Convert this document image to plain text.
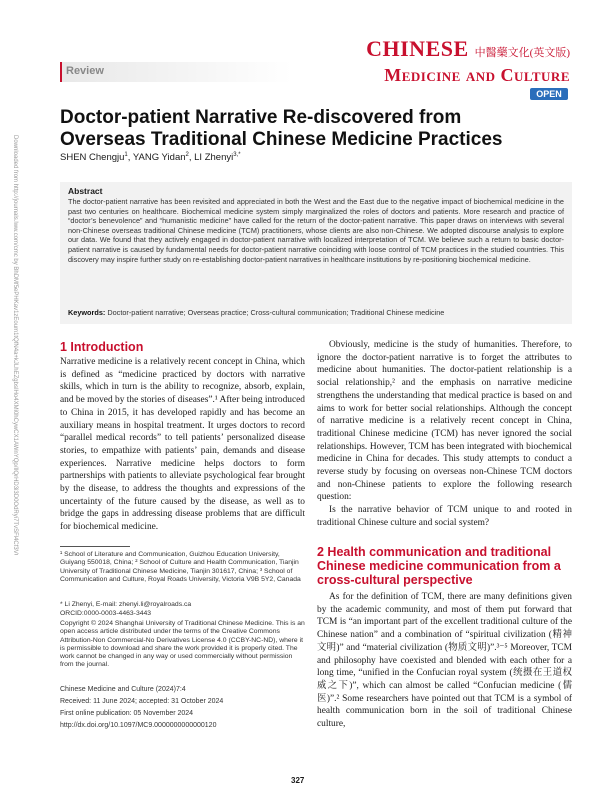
Review
CHINESE 中醫藥文化(英文版)
Medicine and Culture
OPEN
Downloaded from http://journals.lww.com/cmc by BhDMf5ePHKav1zEoum1tQfN4a+kJLhEZgbsIHo4XMi0hCywCX1AWnYQp/IlQrHD3i3D0OdRyi7TvSFl4Cf3VC4/OAVpDDa8K2+Ya6H515kE= on 05/12/2025
Doctor-patient Narrative Re-discovered from Overseas Traditional Chinese Medicine Practices
SHEN Chengju$^1$, YANG Yidan$^2$, LI Zhenyi$^{3,*}$
Abstract
The doctor-patient narrative has been revisited and appreciated in both the West and the East due to the negative impact of biochemical medicine in the past two centuries on healthcare. Biochemical medicine system simply marginalized the roles of doctors and patients. More research and practice of “doctor’s benevolence” and “humanistic medicine” have called for the return of the doctor-patient narrative. This paper draws on interviews with several non-Chinese overseas traditional Chinese medicine (TCM) practitioners, whose clients are also non-Chinese. We adopted discourse analysis to explore our data. We found that they actively engaged in doctor-patient narrative with localized interpretation of TCM. We believe such a return to basic doctor-patient narrative is caused by fundamental needs for doctor-patient narrative coinciding with loose control of TCM practices in the studied countries. This discovery may inspire further study on re-establishing doctor-patient narratives in healthcare institutions by re-positioning biochemical medicine.
Keywords: Doctor-patient narrative; Overseas practice; Cross-cultural communication; Traditional Chinese medicine
1 Introduction
Narrative medicine is a relatively recent concept in China, which is defined as “medicine practiced by doctors with narrative skills, which in turn is the ability to recognize, absorb, explain, and be moved by the stories of diseases”.¹ After being introduced to China in 2015, it has developed rapidly and has become an auxiliary means in hospital treatment. It urges doctors to record “parallel medical records” to tell patients’ personalized disease stories, to empathize with patients’ pain, demands and disease experiences. Narrative medicine helps doctors to form partnerships with patients to alleviate psychological fear brought by the disease, to address the thoughts and expressions of the uncertainty of the future caused by the disease, as well as to bridge the gaps in addressing disease problems that are difficult for biochemical medicine.
¹ School of Literature and Communication, Guizhou Education University, Guiyang 550018, China; ² School of Culture and Health Communication, Tianjin University of Traditional Chinese Medicine, Tianjin 301617, China; ³ School of Communication and Culture, Royal Roads University, Victoria V9B 5Y2, Canada
* Li Zhenyi, E-mail: zhenyi.li@royalroads.ca
ORCID:0000-0003-4463-3443
Copyright © 2024 Shanghai University of Traditional Chinese Medicine. This is an open access article distributed under the terms of the Creative Commons Attribution-Non Commercial-No Derivatives License 4.0 (CCBY-NC-ND), where it is permissible to download and share the work provided it is properly cited. The work cannot be changed in any way or used commercially without permission from the journal.
Chinese Medicine and Culture (2024)7:4
Received: 11 June 2024; accepted: 31 October 2024
First online publication: 05 November 2024
http://dx.doi.org/10.1097/MC9.0000000000000120
Obviously, medicine is the study of humanities. Therefore, to ignore the doctor-patient narrative is to forget the attributes to medicine about humanities. The doctor-patient relationship is a social relationship,² and the emphasis on narrative medicine strengthens the understanding that medical practice is based on and aims to work for better social relationships. Although the concept of narrative medicine is a relatively recent concept in China, traditional Chinese medicine (TCM) has never ignored the social relationships. However, TCM has been integrated with biochemical medicine in China for decades. This study attempts to conduct a reverse study by focusing on overseas non-Chinese TCM doctors and non-Chinese patients to explore the following research question:
Is the narrative behavior of TCM unique to and rooted in traditional Chinese culture and social system?
2 Health communication and traditional Chinese medicine communication from a cross-cultural perspective
As for the definition of TCM, there are many definitions given by the academic community, and most of them put forward that TCM is “an important part of the excellent traditional culture of the Chinese nation” and a combination of “spiritual civilization (精神文明)” and “material civilization (物质文明)”.³⁻⁵ Moreover, TCM and philosophy have coexisted and blended with each other for a long time, “unified in the Confucian royal system (统摄在王道权威之下)”, which can almost be called “Confucian medicine (儒医)”.² Some researchers have pointed out that TCM is a symbol of health communication born in the soil of traditional Chinese culture,
327
